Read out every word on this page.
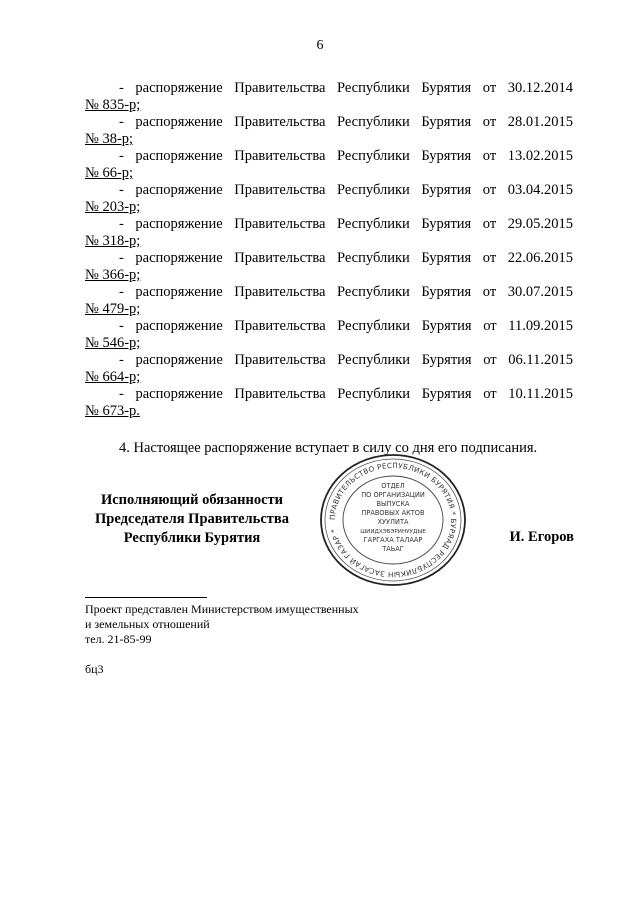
6
- распоряжение Правительства Республики Бурятия от 30.12.2014
№ 835-р;
- распоряжение Правительства Республики Бурятия от 28.01.2015
№ 38-р;
- распоряжение Правительства Республики Бурятия от 13.02.2015
№ 66-р;
- распоряжение Правительства Республики Бурятия от 03.04.2015
№ 203-р;
- распоряжение Правительства Республики Бурятия от 29.05.2015
№ 318-р;
- распоряжение Правительства Республики Бурятия от 22.06.2015
№ 366-р;
- распоряжение Правительства Республики Бурятия от 30.07.2015
№ 479-р;
- распоряжение Правительства Республики Бурятия от 11.09.2015
№ 546-р;
- распоряжение Правительства Республики Бурятия от 06.11.2015
№ 664-р;
- распоряжение Правительства Республики Бурятия от 10.11.2015
№ 673-р.
4. Настоящее распоряжение вступает в силу со дня его подписания.
Исполняющий обязанности
Председателя Правительства
Республики Бурятия
ПРАВИТЕЛЬСТВО РЕСПУБЛИКИ БУРЯТИЯ * БУРЯАД РЕСПУБЛИКЫН ЗАСАГАЙ ГАЗАР *
ОТДЕЛ
ПО ОРГАНИЗАЦИИ
ВЫПУСКА
ПРАВОВЫХ АКТОВ
ХУУЛИТА
ШИИДХЭБЭРИНУУДЫЕ
ГАРГАХА ТАЛААР
ТАЬАГ
И. Егоров
Проект представлен Министерством имущественных
и земельных отношений
тел. 21-85-99
бц3
